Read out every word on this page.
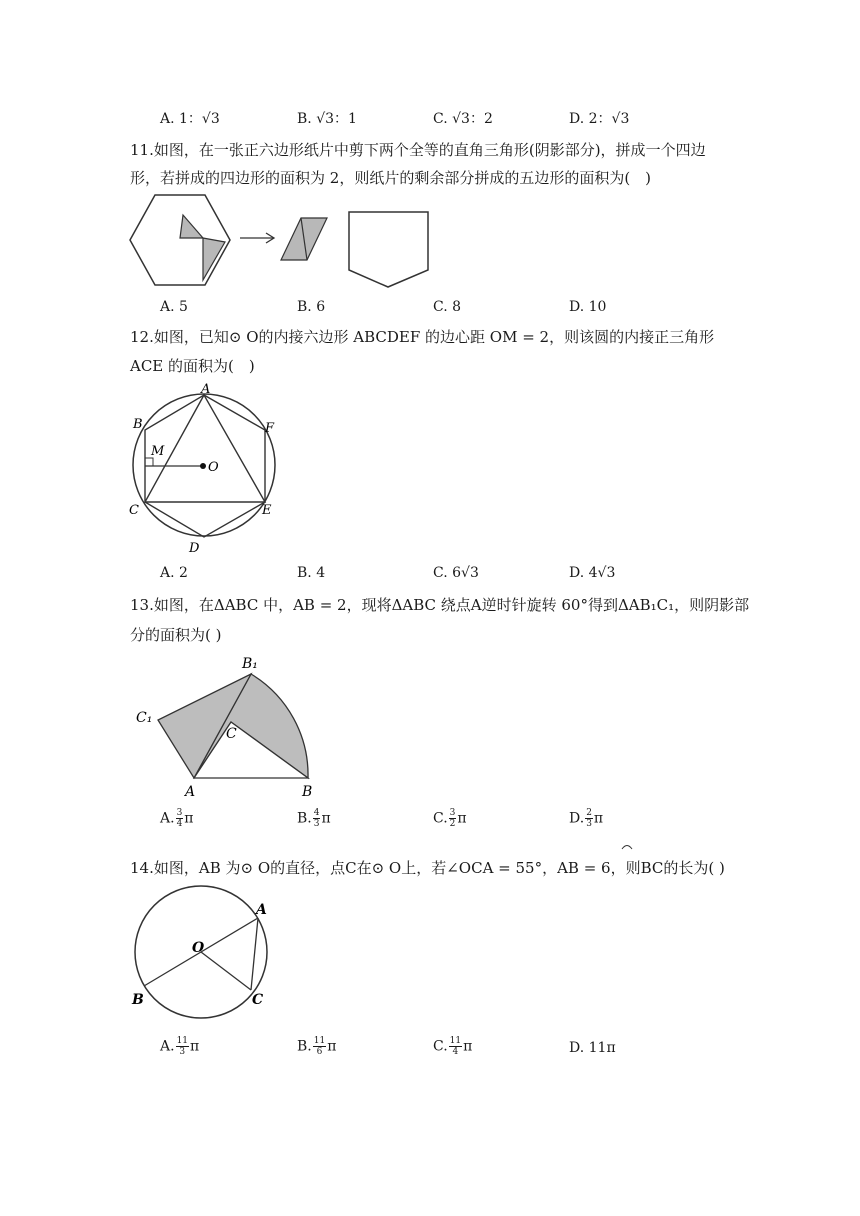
A. 1：√3	B. √3：1	C. √3：2	D. 2：√3
11.如图，在一张正六边形纸片中剪下两个全等的直角三角形(阴影部分)，拼成一个四边
形，若拼成的四边形的面积为 2，则纸片的剩余部分拼成的五边形的面积为(　)
A. 5	B. 6	C. 8	D. 10
12.如图，已知⊙ O的内接六边形 ABCDEF 的边心距 OM = 2，则该圆的内接正三角形
ACE 的面积为(　)
A
B	F
M
O
C	E
D
A. 2	B. 4	C. 6√3	D. 4√3
13.如图，在ΔABC 中，AB = 2，现将ΔABC 绕点A逆时针旋转 60°得到ΔAB₁C₁，则阴影部
分的面积为( )
B₁
C₁
C
A	B
A. $\frac{3}{4}$ π	B. $\frac{4}{3}$ π	C. $\frac{3}{2}$ π	D. $\frac{2}{3}$ π
14.如图，AB 为⊙ O的直径，点C在⊙ O上，若∠OCA = 55°，AB = 6，则BC的长为( )
A
O
B	C
A. $\frac{11}{3}$ π	B. $\frac{11}{6}$ π	C. $\frac{11}{4}$ π	D. 11π
